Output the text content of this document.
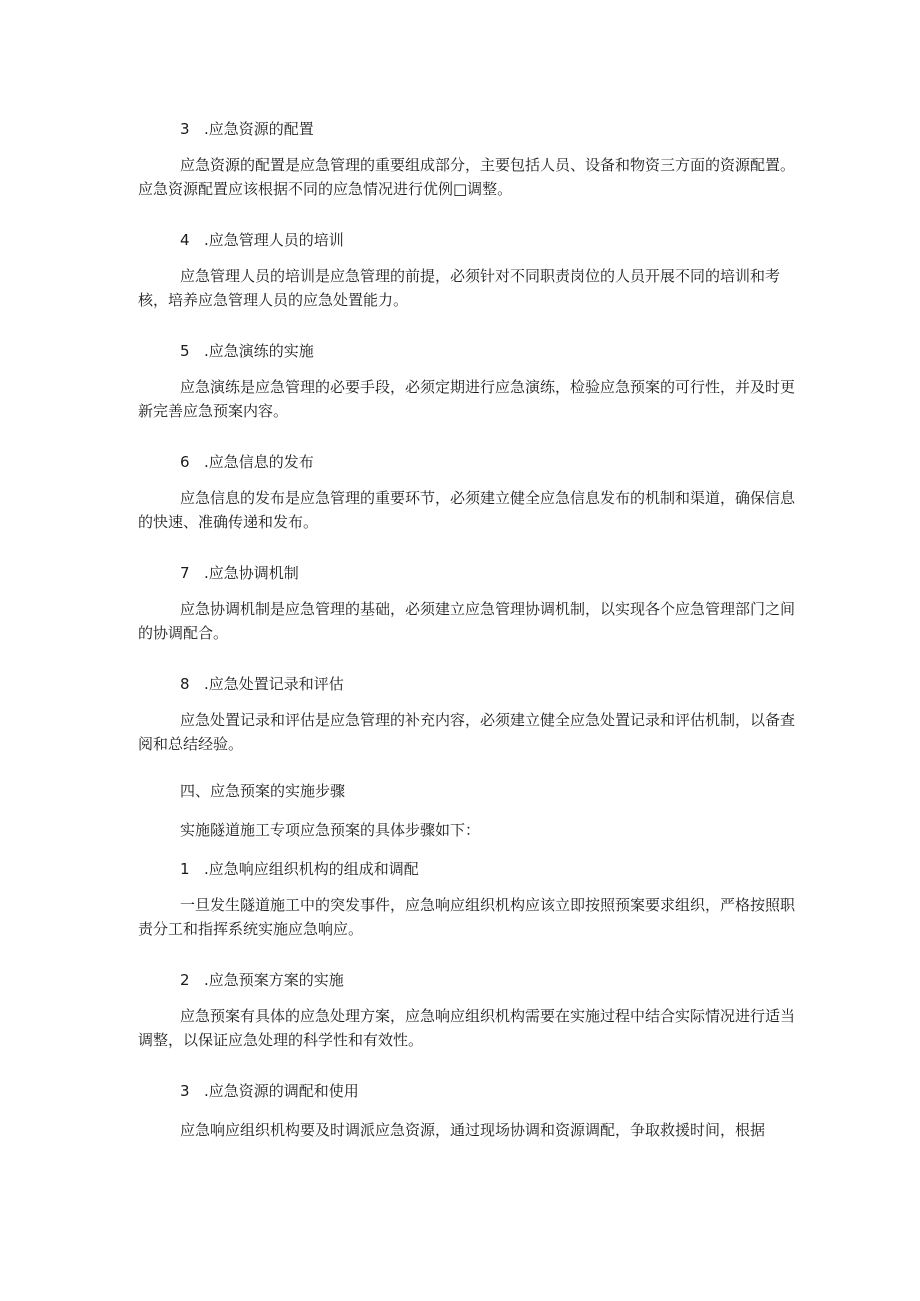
3 .应急资源的配置

应急资源的配置是应急管理的重要组成部分，主要包括人员、设备和物资三方面的资源配置。应急资源配置应该根据不同的应急情况进行优例□调整。

4 .应急管理人员的培训

应急管理人员的培训是应急管理的前提，必须针对不同职责岗位的人员开展不同的培训和考核，培养应急管理人员的应急处置能力。

5 .应急演练的实施

应急演练是应急管理的必要手段，必须定期进行应急演练，检验应急预案的可行性，并及时更新完善应急预案内容。

6 .应急信息的发布

应急信息的发布是应急管理的重要环节，必须建立健全应急信息发布的机制和渠道，确保信息的快速、准确传递和发布。

7 .应急协调机制

应急协调机制是应急管理的基础，必须建立应急管理协调机制，以实现各个应急管理部门之间的协调配合。

8 .应急处置记录和评估

应急处置记录和评估是应急管理的补充内容，必须建立健全应急处置记录和评估机制，以备查阅和总结经验。

四、应急预案的实施步骤

实施隧道施工专项应急预案的具体步骤如下：

1 .应急响应组织机构的组成和调配

一旦发生隧道施工中的突发事件，应急响应组织机构应该立即按照预案要求组织，严格按照职责分工和指挥系统实施应急响应。

2 .应急预案方案的实施

应急预案有具体的应急处理方案，应急响应组织机构需要在实施过程中结合实际情况进行适当调整，以保证应急处理的科学性和有效性。

3 .应急资源的调配和使用

应急响应组织机构要及时调派应急资源，通过现场协调和资源调配，争取救援时间，根据
